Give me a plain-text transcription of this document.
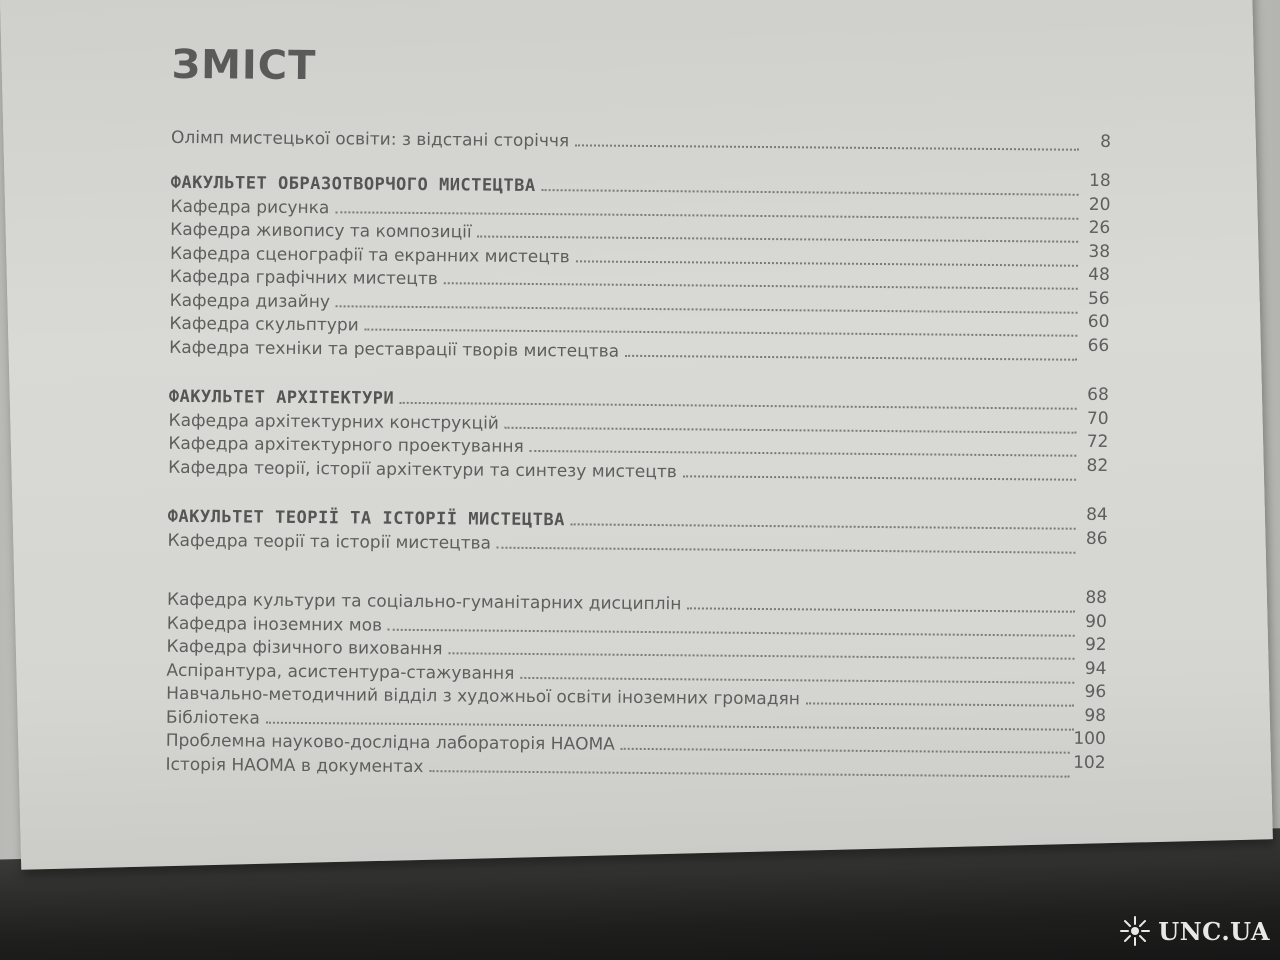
ЗМІСТ
Олімп мистецької освіти: з відстані сторіччя	8
ФАКУЛЬТЕТ ОБРАЗОТВОРЧОГО МИСТЕЦТВА	18
Кафедра рисунка	20
Кафедра живопису та композиції	26
Кафедра сценографії та екранних мистецтв	38
Кафедра графічних мистецтв	48
Кафедра дизайну	56
Кафедра скульптури	60
Кафедра техніки та реставрації творів мистецтва	66
ФАКУЛЬТЕТ АРХІТЕКТУРИ	68
Кафедра архітектурних конструкцій	70
Кафедра архітектурного проектування	72
Кафедра теорії, історії архітектури та синтезу мистецтв	82
ФАКУЛЬТЕТ ТЕОРІЇ ТА ІСТОРІЇ МИСТЕЦТВА	84
Кафедра теорії та історії мистецтва	86
Кафедра культури та соціально-гуманітарних дисциплін	88
Кафедра іноземних мов	90
Кафедра фізичного виховання	92
Аспірантура, асистентура-стажування	94
Навчально-методичний відділ з художньої освіти іноземних громадян	96
Бібліотека	98
Проблемна науково-дослідна лабораторія НАОМА	100
Історія НАОМА в документах	102
UNC.UA
